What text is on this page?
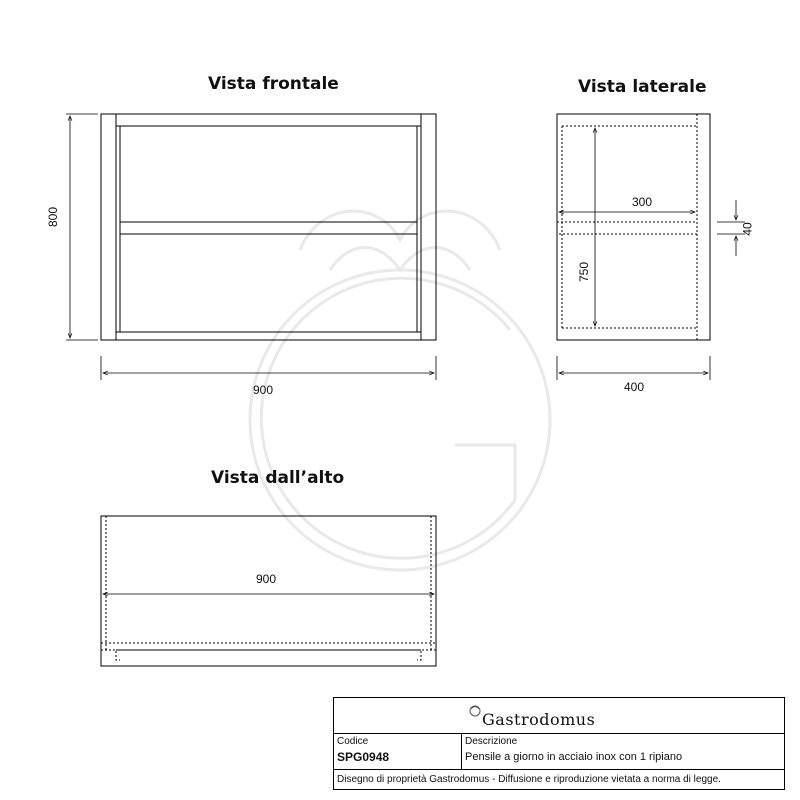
Vista frontale	Vista laterale
Vista dall’alto
800
900
300
40
750
400
900
Gastrodomus
Codice
SPG0948
Descrizione
Pensile a giorno in acciaio inox con 1 ripiano
Disegno di proprietà Gastrodomus - Diffusione e riproduzione vietata a norma di legge.
